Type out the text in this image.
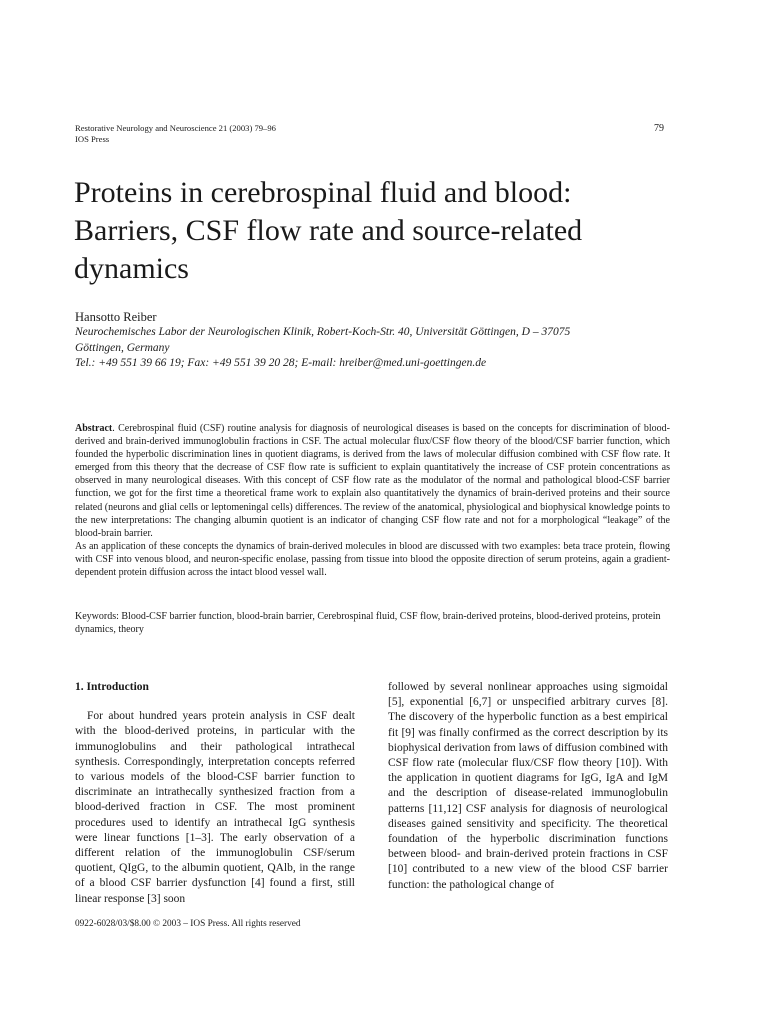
Restorative Neurology and Neuroscience 21 (2003) 79–96
IOS Press
79
Proteins in cerebrospinal fluid and blood:
Barriers, CSF flow rate and source-related
dynamics
Hansotto Reiber
Neurochemisches Labor der Neurologischen Klinik, Robert-Koch-Str. 40, Universität Göttingen, D – 37075
Göttingen, Germany
Tel.: +49 551 39 66 19; Fax: +49 551 39 20 28; E-mail: hreiber@med.uni-goettingen.de

Abstract. Cerebrospinal fluid (CSF) routine analysis for diagnosis of neurological diseases is based on the concepts for discrimination of blood-derived and brain-derived immunoglobulin fractions in CSF. The actual molecular flux/CSF flow theory of the blood/CSF barrier function, which founded the hyperbolic discrimination lines in quotient diagrams, is derived from the laws of molecular diffusion combined with CSF flow rate. It emerged from this theory that the decrease of CSF flow rate is sufficient to explain quantitatively the increase of CSF protein concentrations as observed in many neurological diseases. With this concept of CSF flow rate as the modulator of the normal and pathological blood-CSF barrier function, we got for the first time a theoretical frame work to explain also quantitatively the dynamics of brain-derived proteins and their source related (neurons and glial cells or leptomeningal cells) differences. The review of the anatomical, physiological and biophysical knowledge points to the new interpretations: The changing albumin quotient is an indicator of changing CSF flow rate and not for a morphological “leakage” of the blood-brain barrier.

As an application of these concepts the dynamics of brain-derived molecules in blood are discussed with two examples: beta trace protein, flowing with CSF into venous blood, and neuron-specific enolase, passing from tissue into blood the opposite direction of serum proteins, again a gradient-dependent protein diffusion across the intact blood vessel wall.

Keywords: Blood-CSF barrier function, blood-brain barrier, Cerebrospinal fluid, CSF flow, brain-derived proteins, blood-derived proteins, protein dynamics, theory

1. Introduction

For about hundred years protein analysis in CSF dealt with the blood-derived proteins, in particular with the immunoglobulins and their pathological intrathecal synthesis. Correspondingly, interpretation concepts referred to various models of the blood-CSF barrier function to discriminate an intrathecally synthesized fraction from a blood-derived fraction in CSF. The most prominent procedures used to identify an intrathecal IgG synthesis were linear functions [1–3]. The early observation of a different relation of the immunoglobulin CSF/serum quotient, QIgG, to the albumin quotient, QAlb, in the range of a blood CSF barrier dysfunction [4] found a first, still linear response [3] soon

followed by several nonlinear approaches using sigmoidal [5], exponential [6,7] or unspecified arbitrary curves [8]. The discovery of the hyperbolic function as a best empirical fit [9] was finally confirmed as the correct description by its biophysical derivation from laws of diffusion combined with CSF flow rate (molecular flux/CSF flow theory [10]). With the application in quotient diagrams for IgG, IgA and IgM and the description of disease-related immunoglobulin patterns [11,12] CSF analysis for diagnosis of neurological diseases gained sensitivity and specificity. The theoretical foundation of the hyperbolic discrimination functions between blood- and brain-derived protein fractions in CSF [10] contributed to a new view of the blood CSF barrier function: the pathological change of

0922-6028/03/$8.00 © 2003 – IOS Press. All rights reserved
